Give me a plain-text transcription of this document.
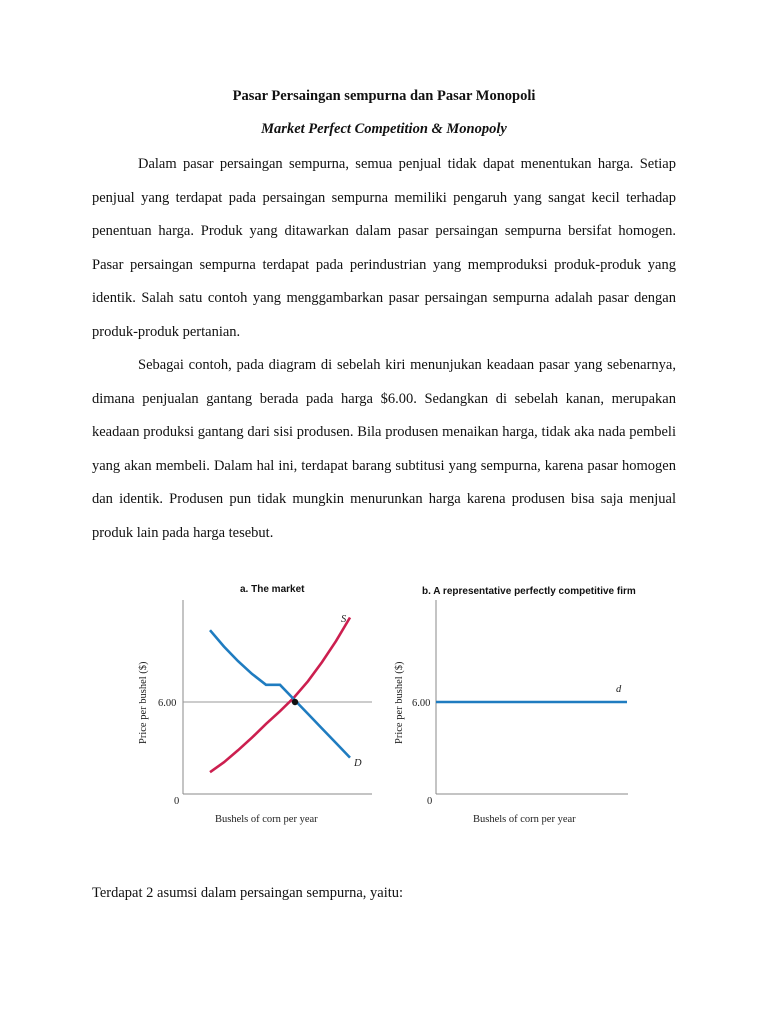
Pasar Persaingan sempurna dan Pasar Monopoli
Market Perfect Competition & Monopoly

Dalam pasar persaingan sempurna, semua penjual tidak dapat menentukan harga. Setiap penjual yang terdapat pada persaingan sempurna memiliki pengaruh yang sangat kecil terhadap penentuan harga. Produk yang ditawarkan dalam pasar persaingan sempurna bersifat homogen. Pasar persaingan sempurna terdapat pada perindustrian yang memproduksi produk-produk yang identik. Salah satu contoh yang menggambarkan pasar persaingan sempurna adalah pasar dengan produk-produk pertanian.

Sebagai contoh, pada diagram di sebelah kiri menunjukan keadaan pasar yang sebenarnya, dimana penjualan gantang berada pada harga $6.00. Sedangkan di sebelah kanan, merupakan keadaan produksi gantang dari sisi produsen. Bila produsen menaikan harga, tidak aka nada pembeli yang akan membeli. Dalam hal ini, terdapat barang subtitusi yang sempurna, karena pasar homogen dan identik. Produsen pun tidak mungkin menurunkan harga karena produsen bisa saja menjual produk lain pada harga tesebut.

a. The market
6.00
0
Bushels of corn per year
Price per bushel ($)
S
D
b. A representative perfectly competitive firm
6.00
0
Bushels of corn per year
Price per bushel ($)	d

Terdapat 2 asumsi dalam persaingan sempurna, yaitu:
